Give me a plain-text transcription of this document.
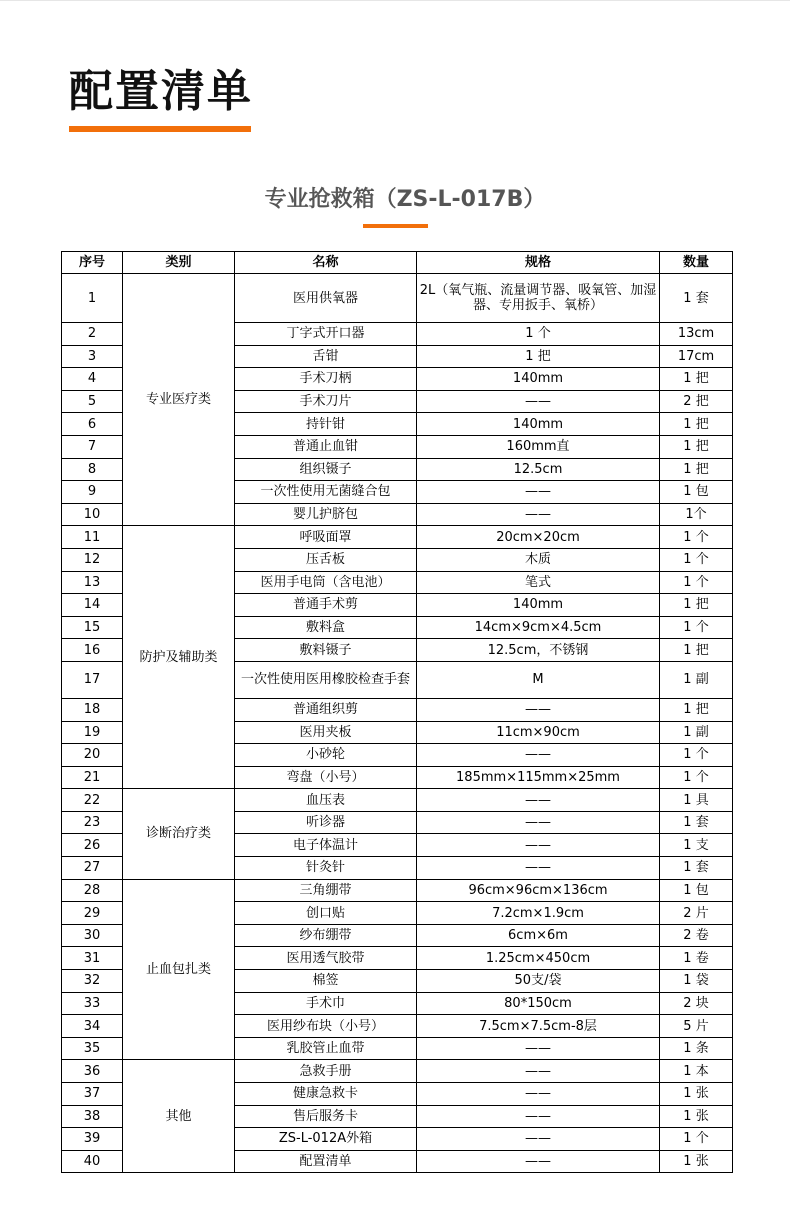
配置清单
专业抢救箱（ZS-L-017B）
序号	类别	名称	规格	数量
1	专业医疗类	医用供氧器	2L（氧气瓶、流量调节器、吸氧管、加湿器、专用扳手、氧桥）	1 套
2		丁字式开口器	1 个	13cm
3		舌钳	1 把	17cm
4		手术刀柄	140mm	1 把
5		手术刀片	——	2 把
6		持针钳	140mm	1 把
7		普通止血钳	160mm直	1 把
8		组织镊子	12.5cm	1 把
9		一次性使用无菌缝合包	——	1 包
10		婴儿护脐包	——	1个
11	防护及辅助类	呼吸面罩	20cm×20cm	1 个
12		压舌板	木质	1 个
13		医用手电筒（含电池）	笔式	1 个
14		普通手术剪	140mm	1 把
15		敷料盒	14cm×9cm×4.5cm	1 个
16		敷料镊子	12.5cm，不锈钢	1 把
17		一次性使用医用橡胶检查手套	M	1 副
18		普通组织剪	——	1 把
19		医用夹板	11cm×90cm	1 副
20		小砂轮	——	1 个
21		弯盘（小号）	185mm×115mm×25mm	1 个
22	诊断治疗类	血压表	——	1 具
23		听诊器	——	1 套
26		电子体温计	——	1 支
27		针灸针	——	1 套
28	止血包扎类	三角绷带	96cm×96cm×136cm	1 包
29		创口贴	7.2cm×1.9cm	2 片
30		纱布绷带	6cm×6m	2 卷
31		医用透气胶带	1.25cm×450cm	1 卷
32		棉签	50支/袋	1 袋
33		手术巾	80*150cm	2 块
34		医用纱布块（小号）	7.5cm×7.5cm-8层	5 片
35		乳胶管止血带	——	1 条
36	其他	急救手册	——	1 本
37		健康急救卡	——	1 张
38		售后服务卡	——	1 张
39		ZS-L-012A外箱	——	1 个
40		配置清单	——	1 张
